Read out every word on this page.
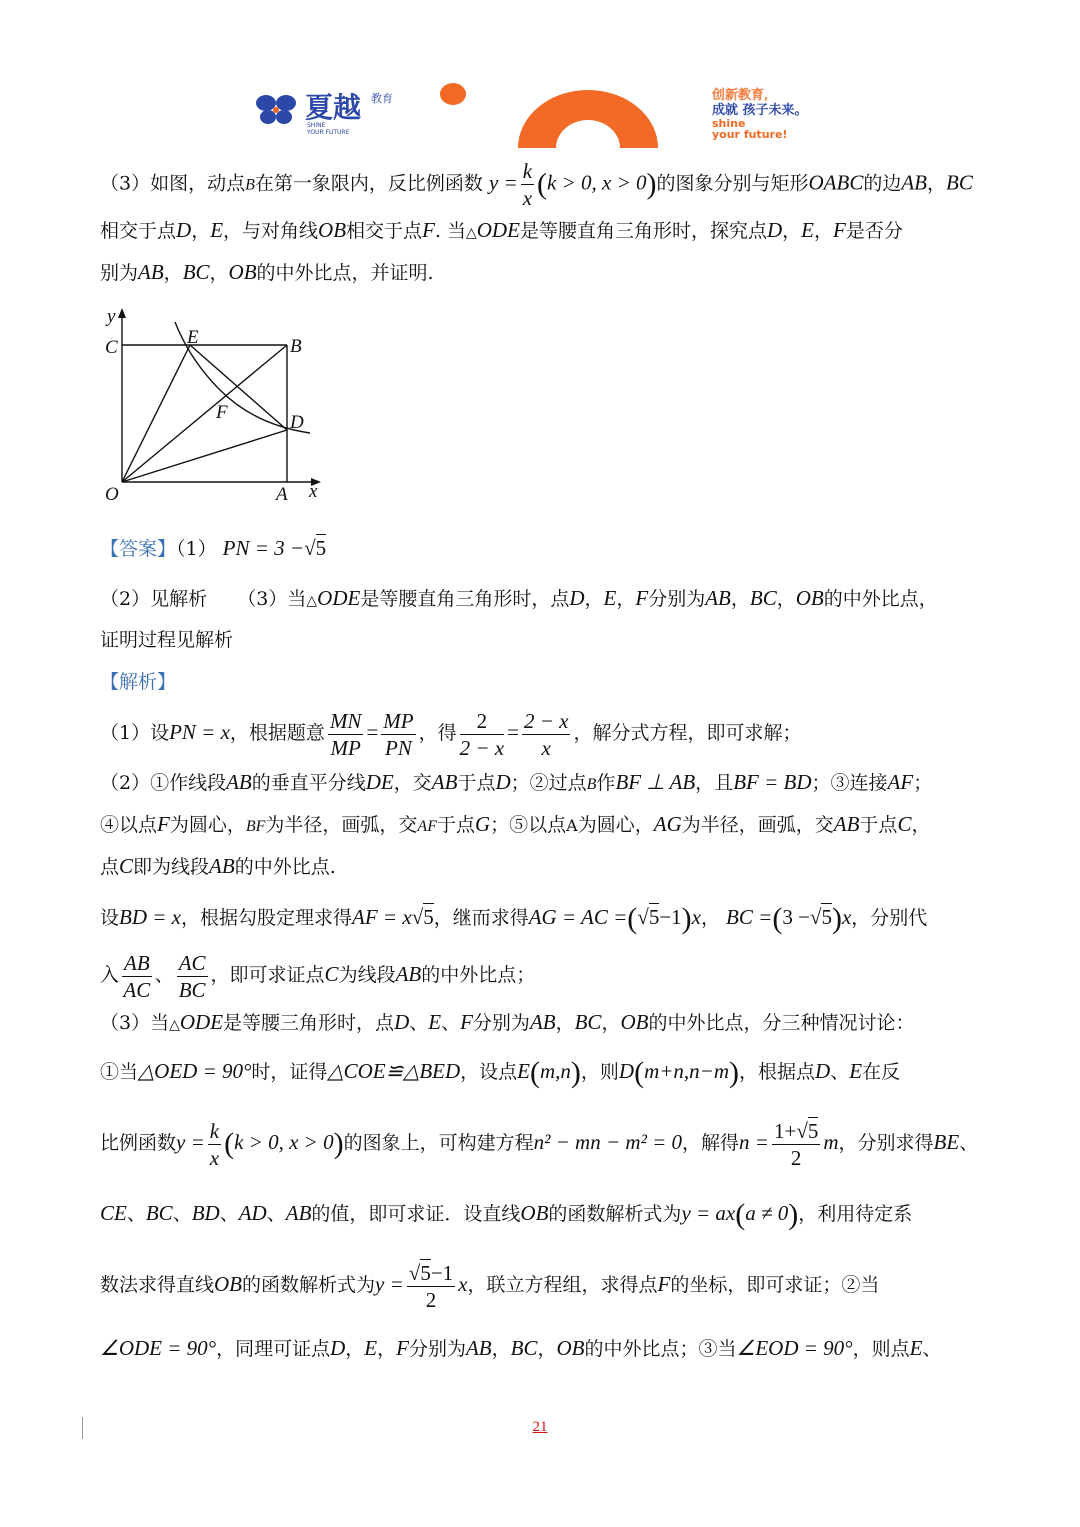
夏越 教育
SHINE
YOUR FUTURE
创新教育,
成就 孩子未来。
shine
your future!
（3）如图，动点B在第一象限内，反比例函数 $y = \frac{k}{x} (k > 0$, x > 0)的图象分别与矩形OABC的边AB，BC
相交于点D，E，与对角线OB相交于点F. 当△ODE是等腰直角三角形时，探究点D，E，F是否分
别为AB，BC，OB的中外比点，并证明.
y
C	E	B
F	D
O	A x
【答案】（1） PN = 3 −√5
（2）见解析 （3）当△ODE是等腰直角三角形时，点D，E，F分别为AB，BC，OB的中外比点，
证明过程见解析
【解析】
（1）设PN = x，根据题意 $\frac{MN}{MP} = \frac{MP}{PN}$ ，得 $\frac{2}{2 - x} = \frac{2 - x}{x}$ ，解分式方程，即可求解；
（2）①作线段AB的垂直平分线DE，交AB于点D；②过点B作BF ⊥ AB，且BF = BD；③连接AF；
④以点F为圆心，BF为半径，画弧，交AF于点G；⑤以点A为圆心，AG为半径，画弧，交AB于点C，
点C即为线段AB的中外比点.
设BD = x，根据勾股定理求得AF = x√5，继而求得AG = AC =(√5−1)x， BC =(3 −√5)x，分别代
入 $\frac{AB}{AC}$ 、 $\frac{AC}{BC}$ ，即可求证点C为线段AB的中外比点；
（3）当△ODE是等腰三角形时，点D、E、F分别为AB，BC，OB的中外比点，分三种情况讨论：
①当△OED = 90°时，证得△COE≌△BED，设点E(m,n)，则D(m+n,n−m)，根据点D、E在反
比例函数$y = \frac{k}{x} (k > 0$, x > 0)的图象上，可构建方程n² − mn − m² = 0，解得$n = \frac{1+√5}{2}$ m，分别求得BE、
CE、BC、BD、AD、AB的值，即可求证．设直线OB的函数解析式为y = ax(a ≠ 0)，利用待定系
数法求得直线OB的函数解析式为$y = \frac{√5-1}{2}$ x，联立方程组，求得点F的坐标，即可求证；②当
∠ODE = 90°，同理可证点D，E，F分别为AB，BC，OB的中外比点；③当∠EOD = 90°，则点E、
21
